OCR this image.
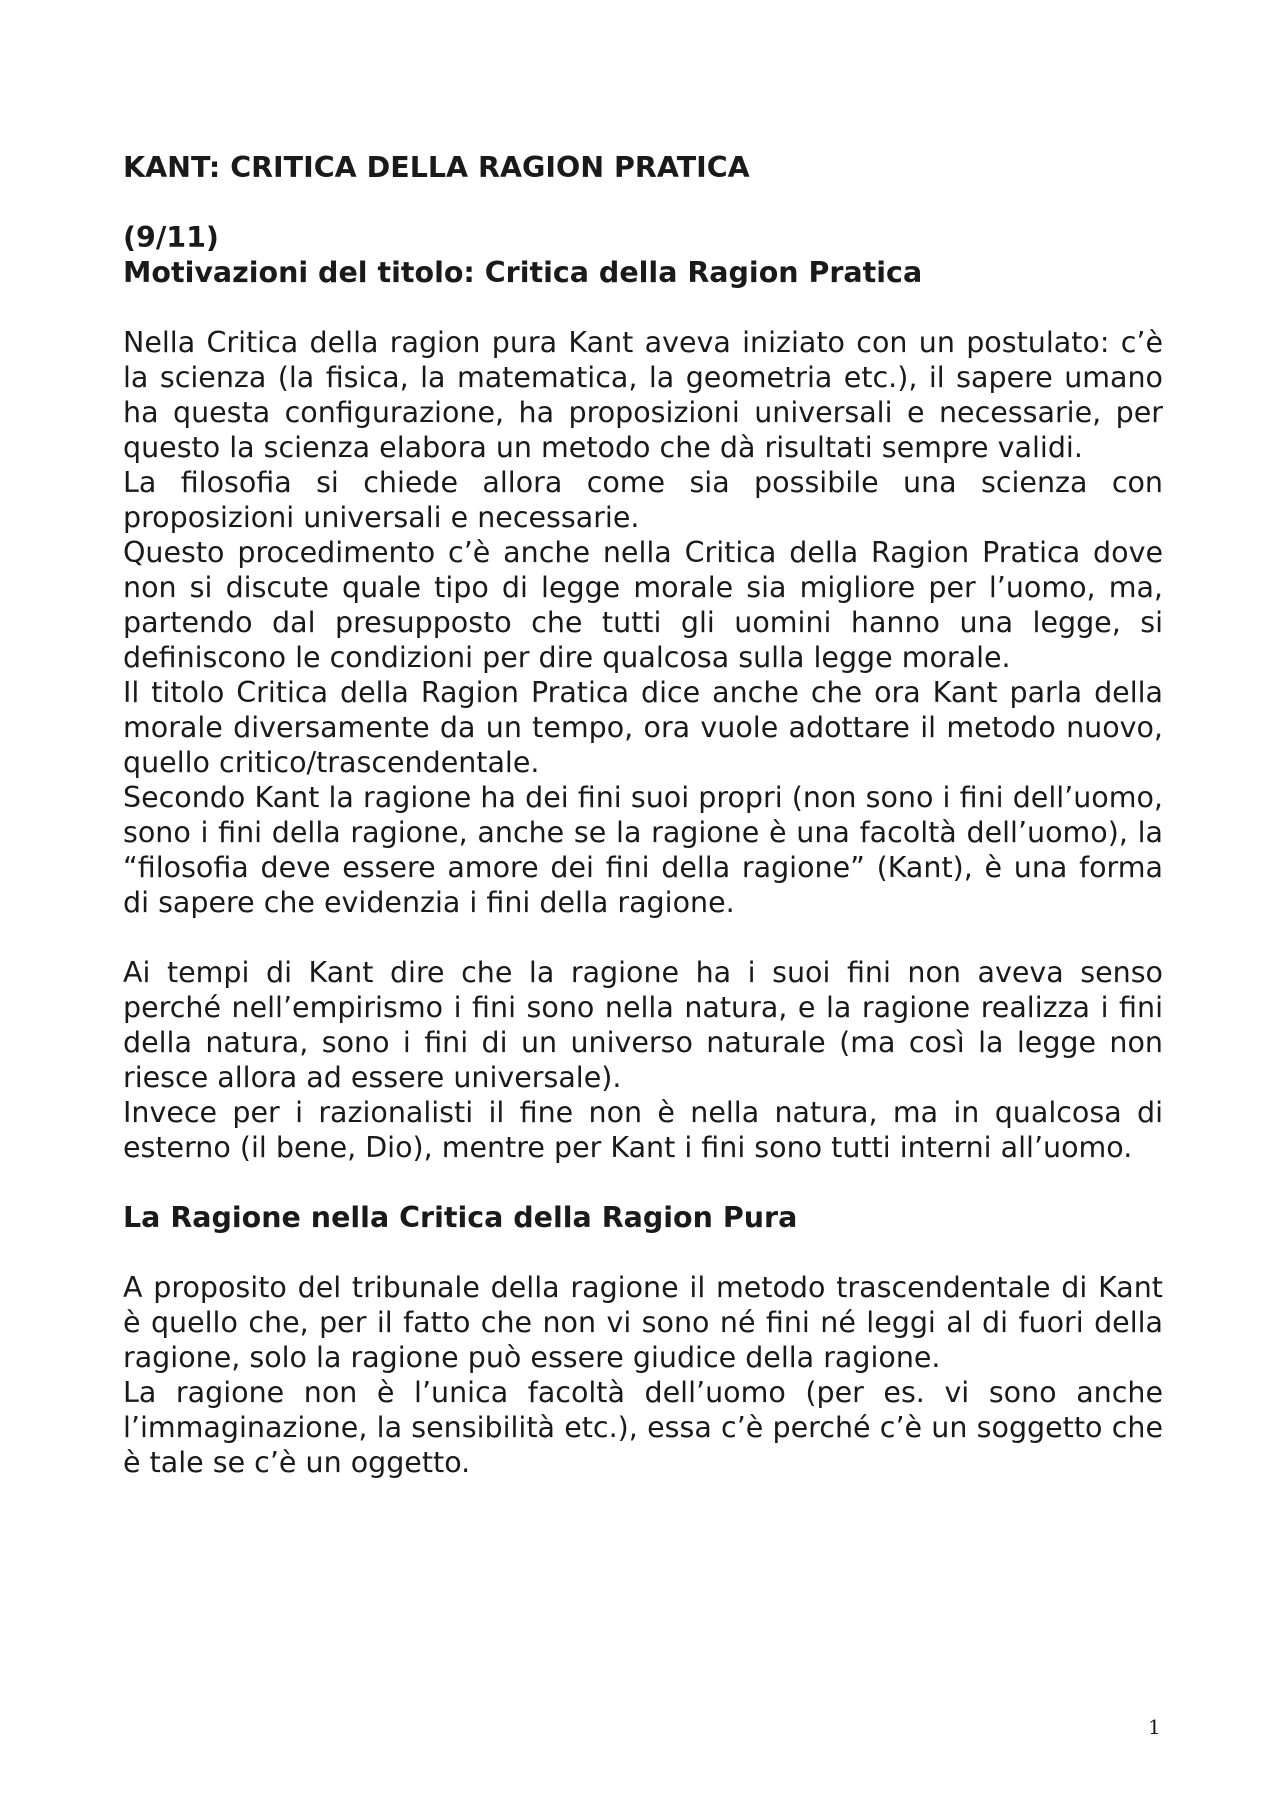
KANT: CRITICA DELLA RAGION PRATICA

(9/11)

Motivazioni del titolo: Critica della Ragion Pratica

Nella Critica della ragion pura Kant aveva iniziato con un postulato: c’è la scienza (la fisica, la matematica, la geometria etc.), il sapere umano ha questa configurazione, ha proposizioni universali e necessarie, per questo la scienza elabora un metodo che dà risultati sempre validi.

La filosofia si chiede allora come sia possibile una scienza con proposizioni universali e necessarie.

Questo procedimento c’è anche nella Critica della Ragion Pratica dove non si discute quale tipo di legge morale sia migliore per l’uomo, ma, partendo dal presupposto che tutti gli uomini hanno una legge, si definiscono le condizioni per dire qualcosa sulla legge morale.

Il titolo Critica della Ragion Pratica dice anche che ora Kant parla della morale diversamente da un tempo, ora vuole adottare il metodo nuovo, quello critico/trascendentale.

Secondo Kant la ragione ha dei fini suoi propri (non sono i fini dell’uomo, sono i fini della ragione, anche se la ragione è una facoltà dell’uomo), la “filosofia deve essere amore dei fini della ragione” (Kant), è una forma di sapere che evidenzia i fini della ragione.

Ai tempi di Kant dire che la ragione ha i suoi fini non aveva senso perché nell’empirismo i fini sono nella natura, e la ragione realizza i fini della natura, sono i fini di un universo naturale (ma così la legge non riesce allora ad essere universale).

Invece per i razionalisti il fine non è nella natura, ma in qualcosa di esterno (il bene, Dio), mentre per Kant i fini sono tutti interni all’uomo.

La Ragione nella Critica della Ragion Pura

A proposito del tribunale della ragione il metodo trascendentale di Kant è quello che, per il fatto che non vi sono né fini né leggi al di fuori della ragione, solo la ragione può essere giudice della ragione.

La ragione non è l’unica facoltà dell’uomo (per es. vi sono anche l’immaginazione, la sensibilità etc.), essa c’è perché c’è un soggetto che è tale se c’è un oggetto.

1
